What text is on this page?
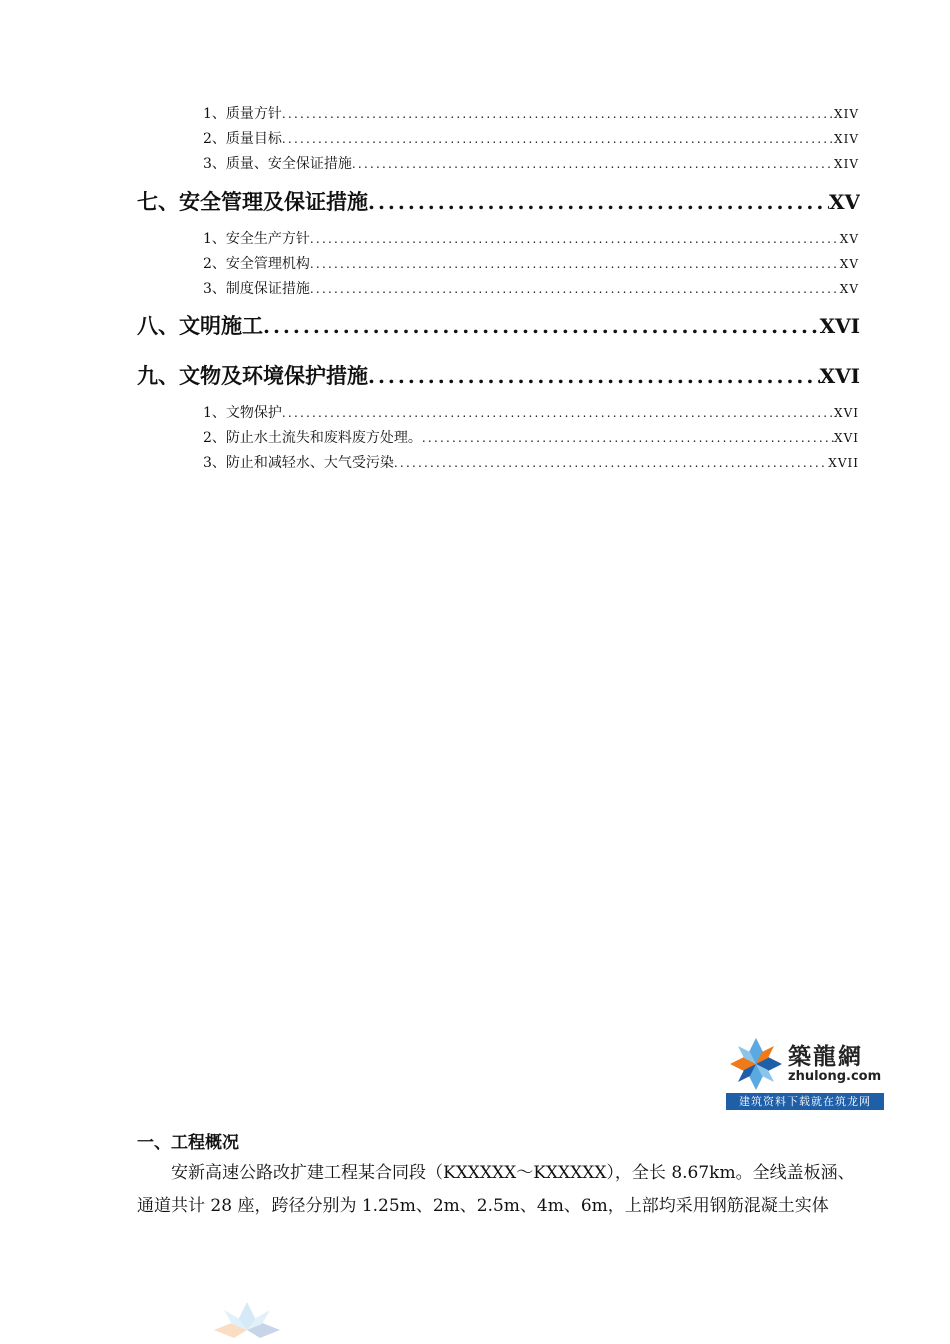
1、质量方针 .....	XIV
2、质量目标 .....	XIV
3、质量、安全保证措施 .....	XIV
七、安全管理及保证措施 .....	XV
1、安全生产方针 .....	XV
2、安全管理机构 .....	XV
3、制度保证措施 .....	XV
八、文明施工 .....	XVI
九、文物及环境保护措施 .....	XVI
1、文物保护 .....	XVI
2、防止水土流失和废料废方处理。 .....	XVI
3、防止和减轻水、大气受污染 .....	XVII
築龍網
zhulong.com
建筑资料下载就在筑龙网
一、工程概况
安新高速公路改扩建工程某合同段（KXXXXX～KXXXXX），全长 8.67km。全线盖板涵、
通道共计 28 座，跨径分别为 1.25m、2m、2.5m、4m、6m，上部均采用钢筋混凝土实体
